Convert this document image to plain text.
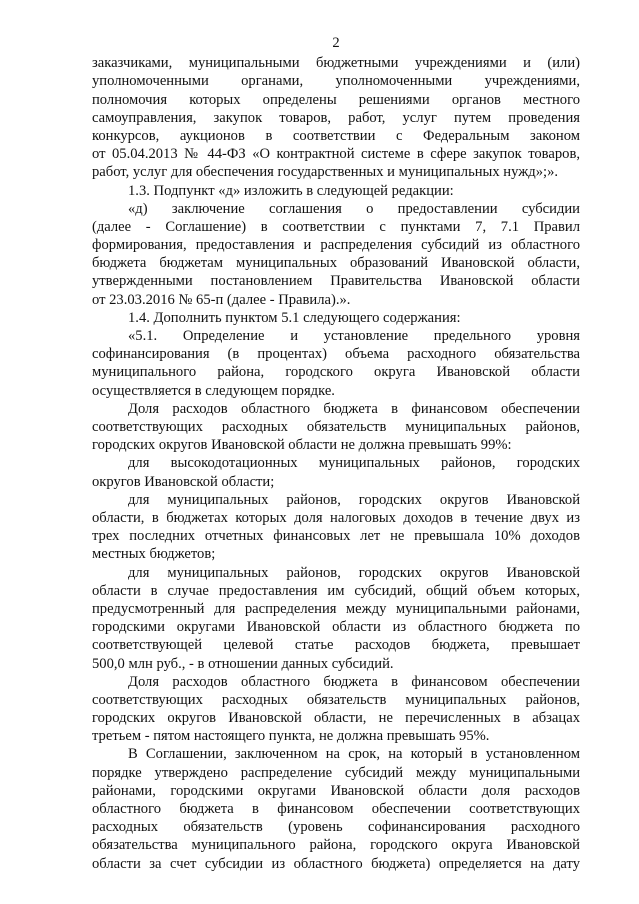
2
заказчиками, муниципальными бюджетными учреждениями и (или)
уполномоченными органами, уполномоченными учреждениями,
полномочия которых определены решениями органов местного
самоуправления, закупок товаров, работ, услуг путем проведения
конкурсов, аукционов в соответствии с Федеральным законом
от 05.04.2013 № 44-ФЗ «О контрактной системе в сфере закупок товаров,
работ, услуг для обеспечения государственных и муниципальных нужд»;».
1.3. Подпункт «д» изложить в следующей редакции:
«д) заключение соглашения о предоставлении субсидии
(далее - Соглашение) в соответствии с пунктами 7, 7.1 Правил
формирования, предоставления и распределения субсидий из областного
бюджета бюджетам муниципальных образований Ивановской области,
утвержденными постановлением Правительства Ивановской области
от 23.03.2016 № 65-п (далее - Правила).».
1.4. Дополнить пунктом 5.1 следующего содержания:
«5.1. Определение и установление предельного уровня
софинансирования (в процентах) объема расходного обязательства
муниципального района, городского округа Ивановской области
осуществляется в следующем порядке.
Доля расходов областного бюджета в финансовом обеспечении
соответствующих расходных обязательств муниципальных районов,
городских округов Ивановской области не должна превышать 99%:
для высокодотационных муниципальных районов, городских
округов Ивановской области;
для муниципальных районов, городских округов Ивановской
области, в бюджетах которых доля налоговых доходов в течение двух из
трех последних отчетных финансовых лет не превышала 10% доходов
местных бюджетов;
для муниципальных районов, городских округов Ивановской
области в случае предоставления им субсидий, общий объем которых,
предусмотренный для распределения между муниципальными районами,
городскими округами Ивановской области из областного бюджета по
соответствующей целевой статье расходов бюджета, превышает
500,0 млн руб., - в отношении данных субсидий.
Доля расходов областного бюджета в финансовом обеспечении
соответствующих расходных обязательств муниципальных районов,
городских округов Ивановской области, не перечисленных в абзацах
третьем - пятом настоящего пункта, не должна превышать 95%.
В Соглашении, заключенном на срок, на который в установленном
порядке утверждено распределение субсидий между муниципальными
районами, городскими округами Ивановской области доля расходов
областного бюджета в финансовом обеспечении соответствующих
расходных обязательств (уровень софинансирования расходного
обязательства муниципального района, городского округа Ивановской
области за счет субсидии из областного бюджета) определяется на дату
